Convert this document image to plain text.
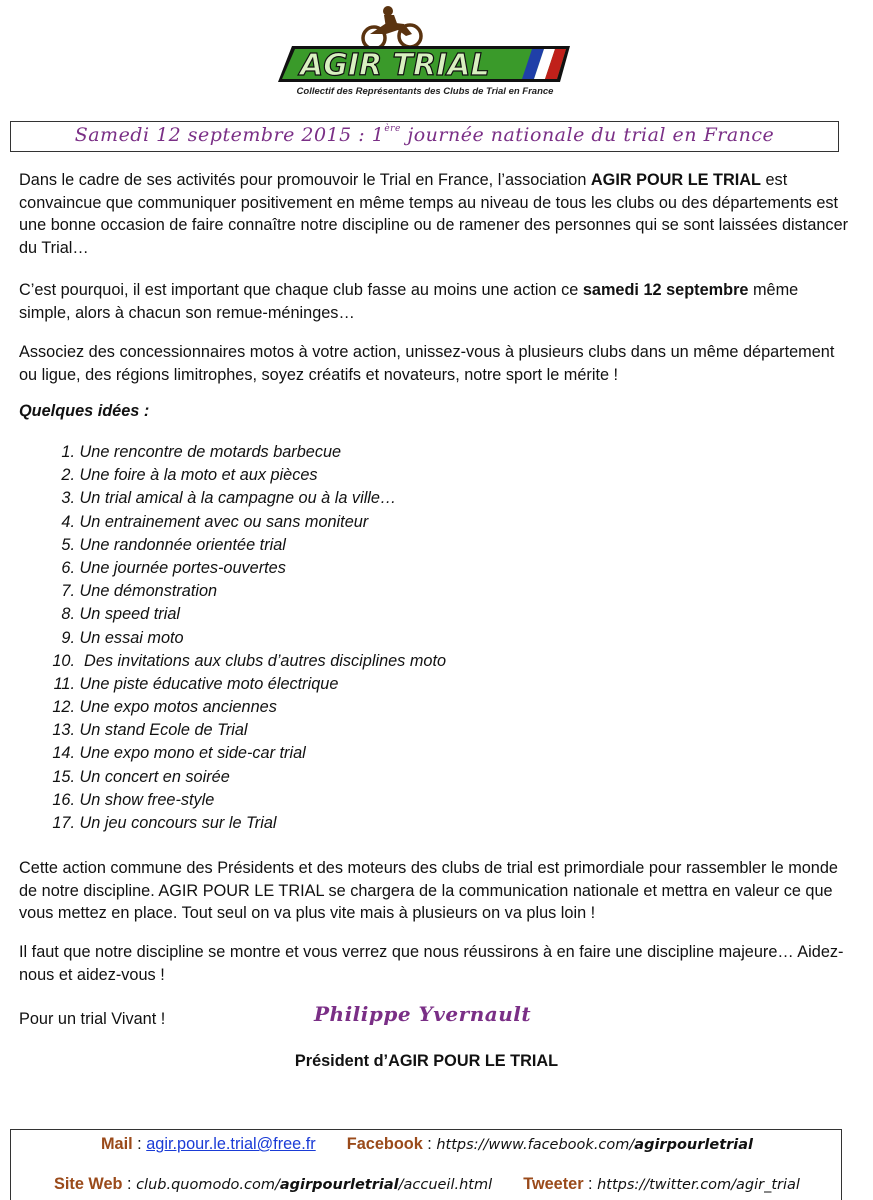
AGIR TRIAL
Collectif des Représentants des Clubs de Trial en France
Samedi 12 septembre 2015 : 1ère journée nationale du trial en France

Dans le cadre de ses activités pour promouvoir le Trial en France, l’association AGIR POUR LE TRIAL est convaincue que communiquer positivement en même temps au niveau de tous les clubs ou des départements est une bonne occasion de faire connaître notre discipline ou de ramener des personnes qui se sont laissées distancer du Trial…

C’est pourquoi, il est important que chaque club fasse au moins une action ce samedi 12 septembre même simple, alors à chacun son remue-méninges…

Associez des concessionnaires motos à votre action, unissez-vous à plusieurs clubs dans un même département ou ligue, des régions limitrophes, soyez créatifs et novateurs, notre sport le mérite !

Quelques idées :

1. Une rencontre de motards barbecue
2. Une foire à la moto et aux pièces
3. Un trial amical à la campagne ou à la ville…
4. Un entrainement avec ou sans moniteur
5. Une randonnée orientée trial
6. Une journée portes-ouvertes
7. Une démonstration
8. Un speed trial
9. Un essai moto
10.  Des invitations aux clubs d’autres disciplines moto
11. Une piste éducative moto électrique
12. Une expo motos anciennes
13. Un stand Ecole de Trial
14. Une expo mono et side-car trial
15. Un concert en soirée
16. Un show free-style
17. Un jeu concours sur le Trial

Cette action commune des Présidents et des moteurs des clubs de trial est primordiale pour rassembler le monde de notre discipline. AGIR POUR LE TRIAL se chargera de la communication nationale et mettra en valeur ce que vous mettez en place. Tout seul on va plus vite mais à plusieurs on va plus loin !

Il faut que notre discipline se montre et vous verrez que nous réussirons à en faire une discipline majeure… Aidez-nous et aidez-vous !

Pour un trial Vivant !	Philippe Yvernault

Président d’AGIR POUR LE TRIAL

Mail : agir.pour.le.trial@free.fr Facebook : https://www.facebook.com/agirpourletrial
Site Web : club.quomodo.com/agirpourletrial/accueil.html Tweeter : https://twitter.com/agir_trial
